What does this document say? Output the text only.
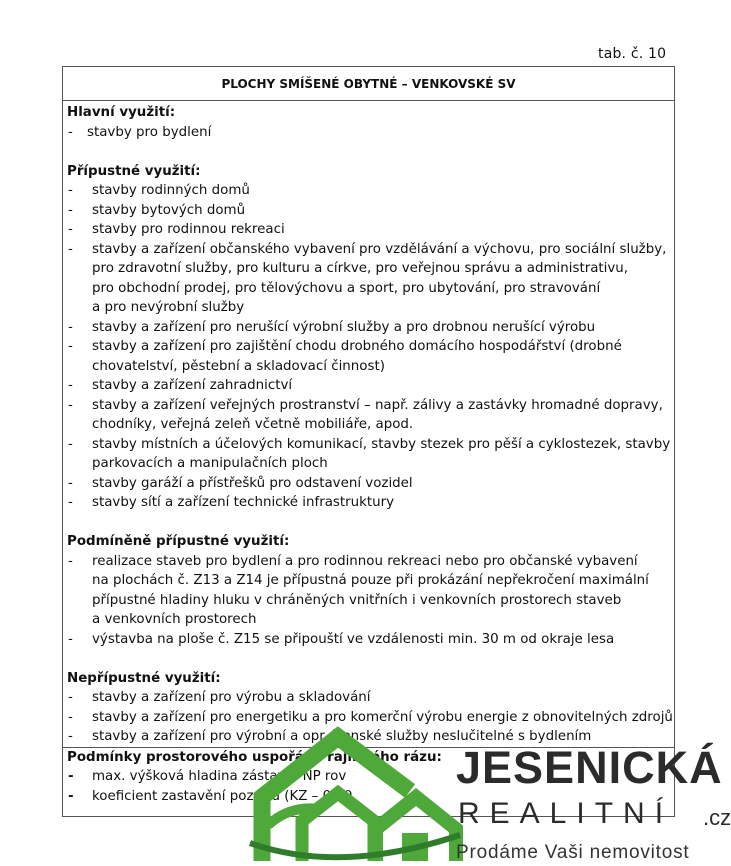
tab. č. 10
PLOCHY SMÍŠENÉ OBYTNÉ – VENKOVSKÉ SV
Hlavní využití:
-	stavby pro bydlení
Přípustné využití:
-	stavby rodinných domů
-	stavby bytových domů
-	stavby pro rodinnou rekreaci
-	stavby a zařízení občanského vybavení pro vzdělávání a výchovu, pro sociální služby,
pro zdravotní služby, pro kulturu a církve, pro veřejnou správu a administrativu,
pro obchodní prodej, pro tělovýchovu a sport, pro ubytování, pro stravování
a pro nevýrobní služby
-	stavby a zařízení pro nerušící výrobní služby a pro drobnou nerušící výrobu
-	stavby a zařízení pro zajištění chodu drobného domácího hospodářství (drobné
chovatelství, pěstební a skladovací činnost)
-	stavby a zařízení zahradnictví
-	stavby a zařízení veřejných prostranství – např. zálivy a zastávky hromadné dopravy,
chodníky, veřejná zeleň včetně mobiliáře, apod.
-	stavby místních a účelových komunikací, stavby stezek pro pěší a cyklostezek, stavby
parkovacích a manipulačních ploch
-	stavby garáží a přístřešků pro odstavení vozidel
-	stavby sítí a zařízení technické infrastruktury
Podmíněně přípustné využití:
-	realizace staveb pro bydlení a pro rodinnou rekreaci nebo pro občanské vybavení
na plochách č. Z13 a Z14 je přípustná pouze při prokázání nepřekročení maximální
přípustné hladiny hluku v chráněných vnitřních i venkovních prostorech staveb
a venkovních prostorech
-	výstavba na ploše č. Z15 se připouští ve vzdálenosti min. 30 m od okraje lesa
Nepřípustné využití:
-	stavby a zařízení pro výrobu a skladování
-	stavby a zařízení pro energetiku a pro komerční výrobu energie z obnovitelných zdrojů
-	stavby a zařízení pro výrobní a opr árenské služby neslučitelné s bydlením
Podmínky prostorového uspořádá rajinného rázu:
-	max. výšková hladina zástav 1 NP rov
-	koeficient zastavění pozer u (KZ – 0,30
JESENICKÁ
REALITNÍ .cz
Prodáme Vaši nemovitost
